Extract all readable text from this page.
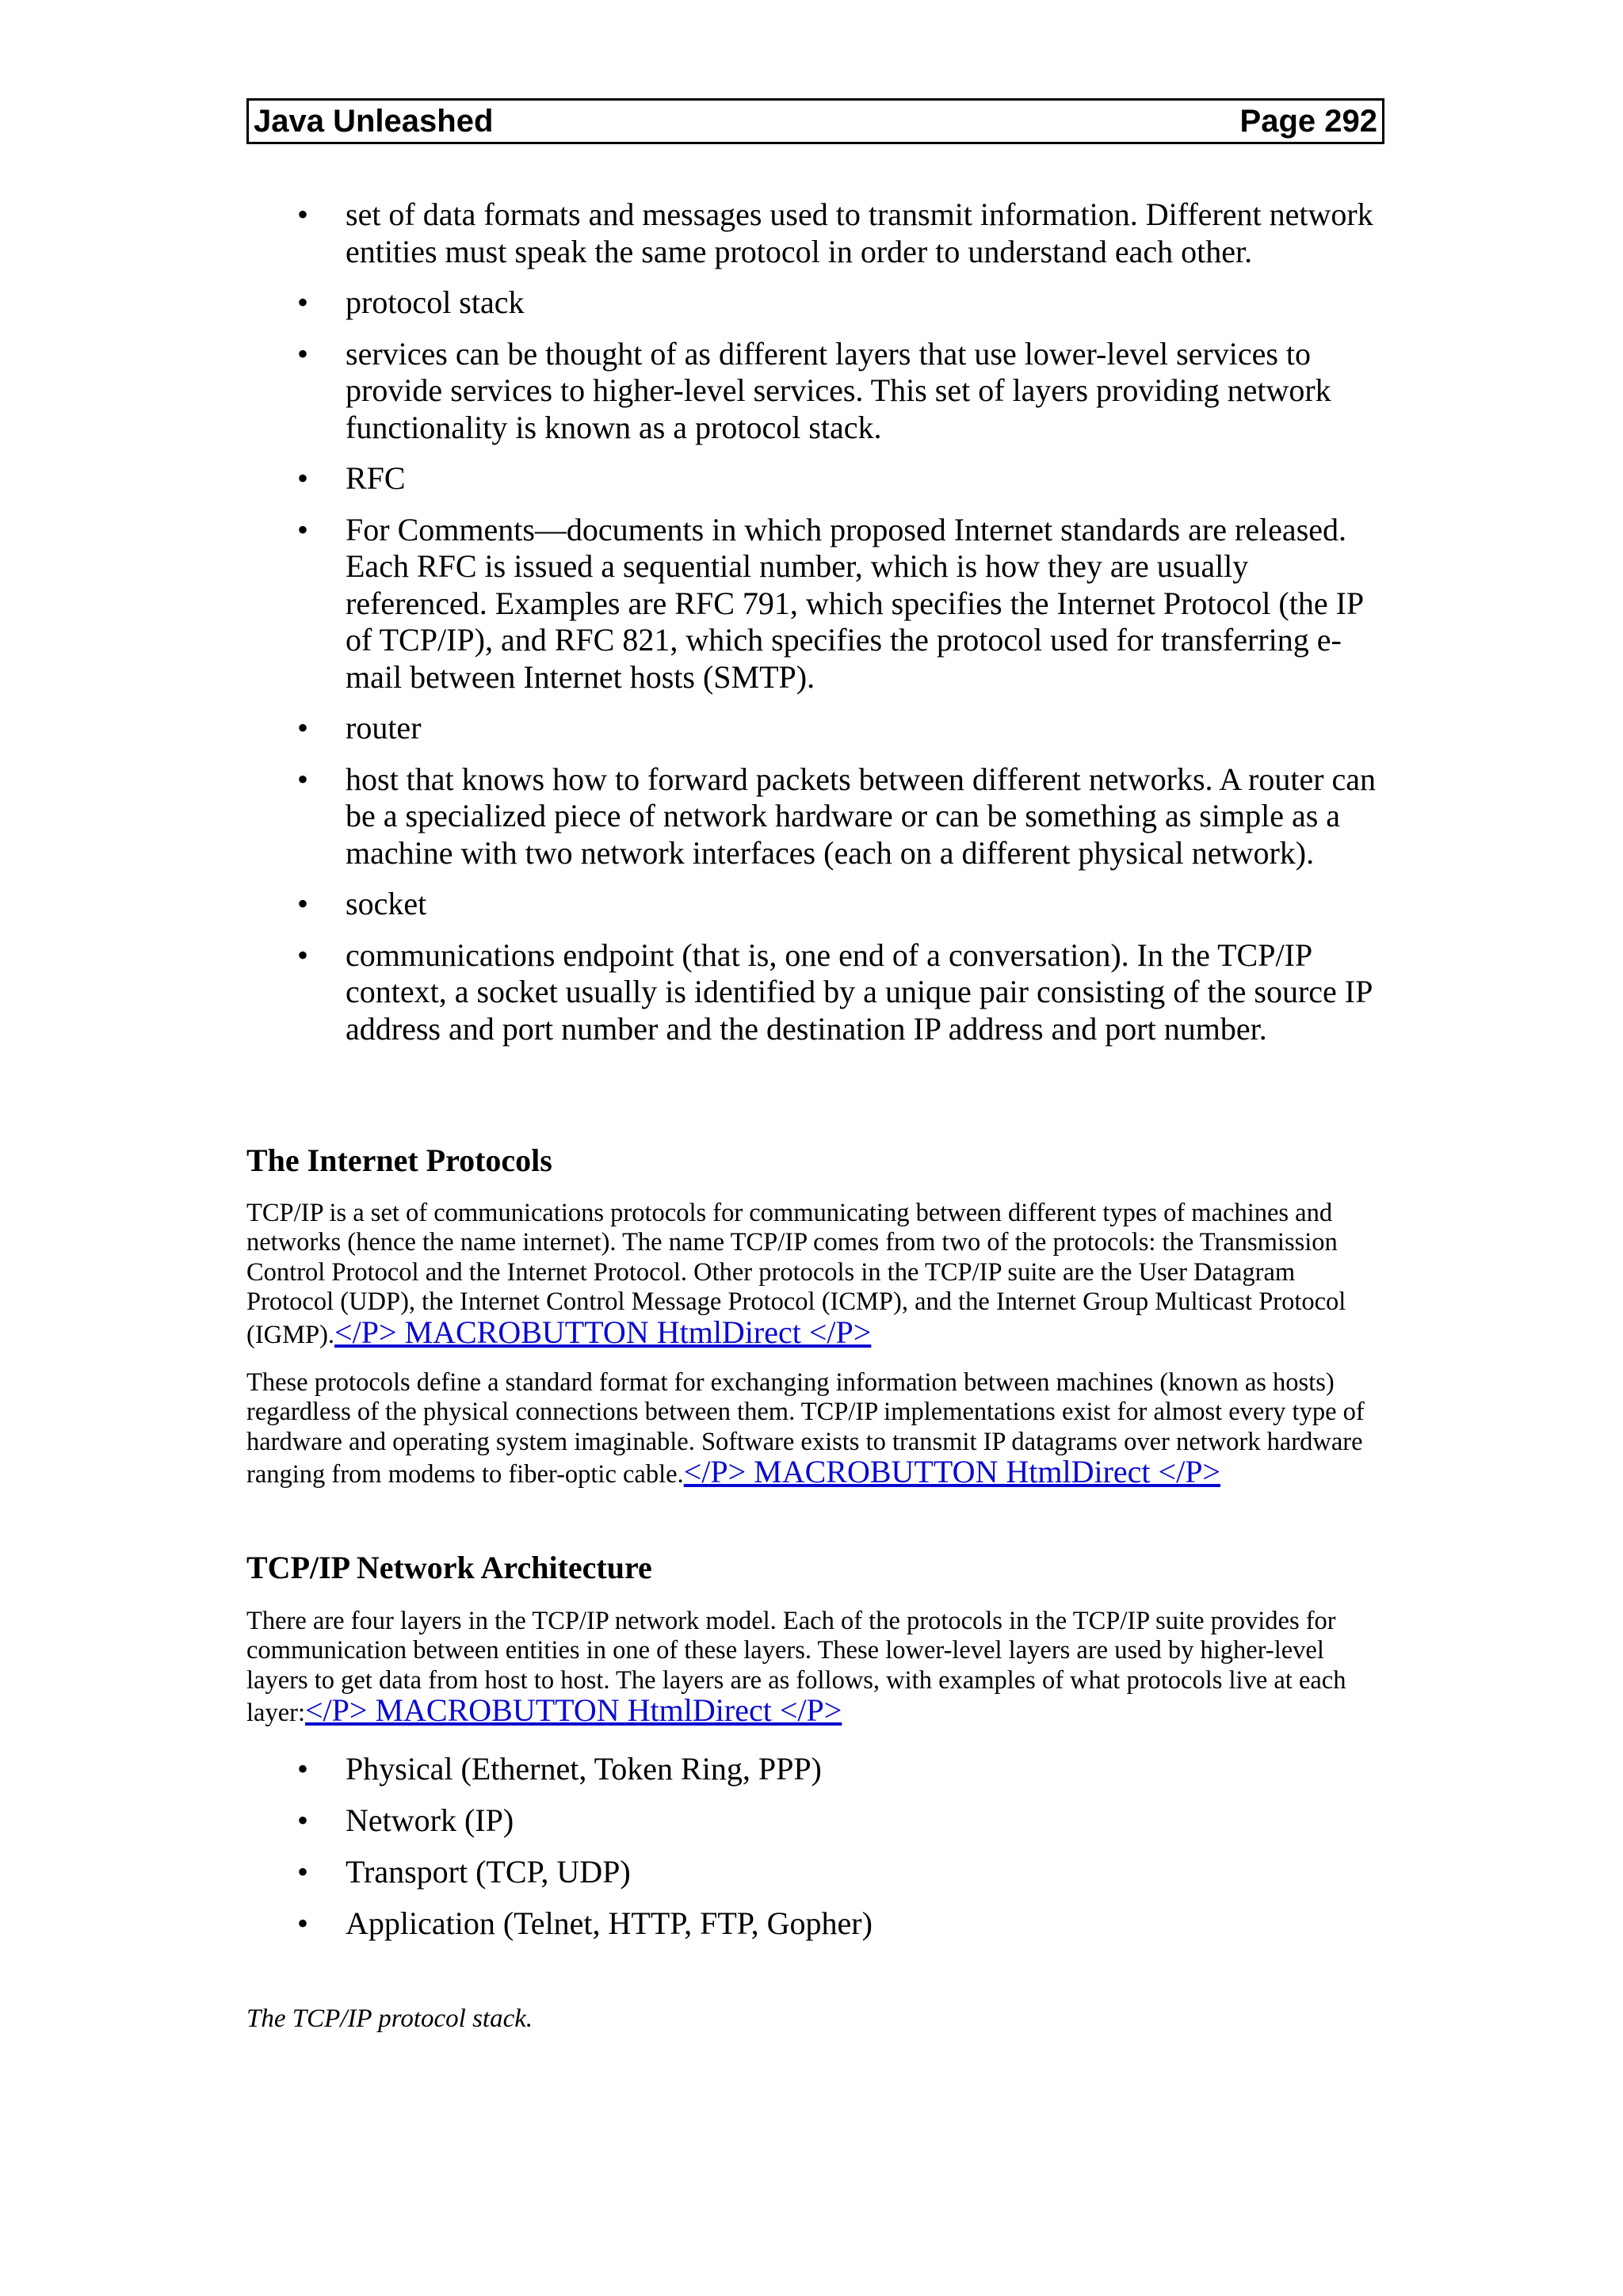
Java Unleashed	Page 292
• set of data formats and messages used to transmit information. Different network entities must speak the same protocol in order to understand each other.
• protocol stack
• services can be thought of as different layers that use lower-level services to provide services to higher-level services. This set of layers providing network functionality is known as a protocol stack.
• RFC
• For Comments—documents in which proposed Internet standards are released. Each RFC is issued a sequential number, which is how they are usually referenced. Examples are RFC 791, which specifies the Internet Protocol (the IP of TCP/IP), and RFC 821, which specifies the protocol used for transferring e-mail between Internet hosts (SMTP).
• router
• host that knows how to forward packets between different networks. A router can be a specialized piece of network hardware or can be something as simple as a machine with two network interfaces (each on a different physical network).
• socket
• communications endpoint (that is, one end of a conversation). In the TCP/IP context, a socket usually is identified by a unique pair consisting of the source IP address and port number and the destination IP address and port number.
The Internet Protocols
TCP/IP is a set of communications protocols for communicating between different types of machines and networks (hence the name internet). The name TCP/IP comes from two of the protocols: the Transmission Control Protocol and the Internet Protocol. Other protocols in the TCP/IP suite are the User Datagram Protocol (UDP), the Internet Control Message Protocol (ICMP), and the Internet Group Multicast Protocol (IGMP).</P> MACROBUTTON HtmlDirect </P>
These protocols define a standard format for exchanging information between machines (known as hosts) regardless of the physical connections between them. TCP/IP implementations exist for almost every type of hardware and operating system imaginable. Software exists to transmit IP datagrams over network hardware ranging from modems to fiber-optic cable.</P> MACROBUTTON HtmlDirect </P>
TCP/IP Network Architecture
There are four layers in the TCP/IP network model. Each of the protocols in the TCP/IP suite provides for communication between entities in one of these layers. These lower-level layers are used by higher-level layers to get data from host to host. The layers are as follows, with examples of what protocols live at each layer:</P> MACROBUTTON HtmlDirect </P>
• Physical (Ethernet, Token Ring, PPP)
• Network (IP)
• Transport (TCP, UDP)
• Application (Telnet, HTTP, FTP, Gopher)
The TCP/IP protocol stack.
